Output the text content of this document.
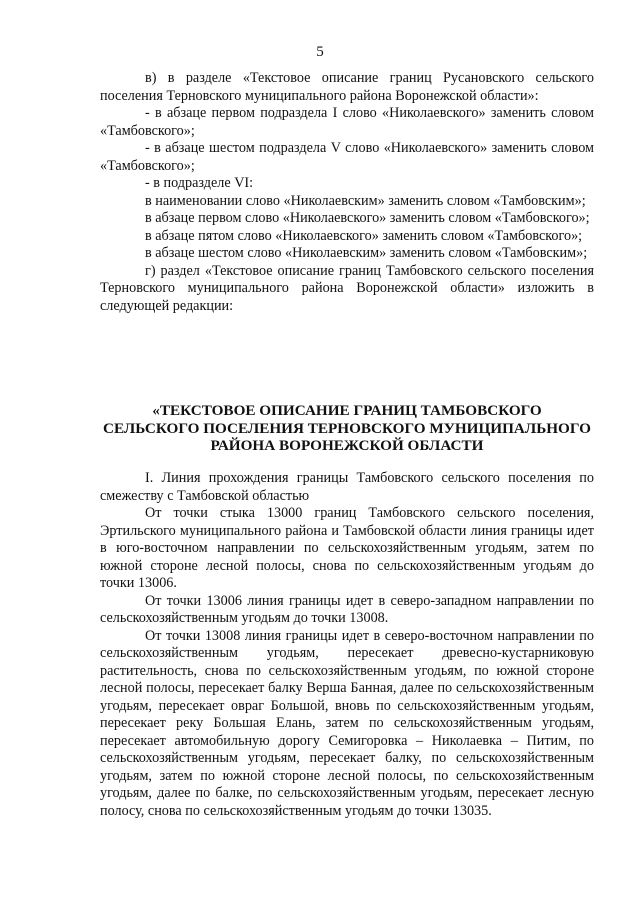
5

в) в разделе «Текстовое описание границ Русановского сельского поселения Терновского муниципального района Воронежской области»:

- в абзаце первом подраздела I слово «Николаевского» заменить словом «Тамбовского»;

- в абзаце шестом подраздела V слово «Николаевского» заменить словом «Тамбовского»;

- в подразделе VI:

в наименовании слово «Николаевским» заменить словом «Тамбовским»;

в абзаце первом слово «Николаевского» заменить словом «Тамбовского»;

в абзаце пятом слово «Николаевского» заменить словом «Тамбовского»;

в абзаце шестом слово «Николаевским» заменить словом «Тамбовским»;

г) раздел «Текстовое описание границ Тамбовского сельского поселения Терновского муниципального района Воронежской области» изложить в следующей редакции:

«ТЕКСТОВОЕ ОПИСАНИЕ ГРАНИЦ ТАМБОВСКОГО
СЕЛЬСКОГО ПОСЕЛЕНИЯ ТЕРНОВСКОГО МУНИЦИПАЛЬНОГО
РАЙОНА ВОРОНЕЖСКОЙ ОБЛАСТИ

I. Линия прохождения границы Тамбовского сельского поселения по смежеству с Тамбовской областью

От точки стыка 13000 границ Тамбовского сельского поселения, Эртильского муниципального района и Тамбовской области линия границы идет в юго-восточном направлении по сельскохозяйственным угодьям, затем по южной стороне лесной полосы, снова по сельскохозяйственным угодьям до точки 13006.

От точки 13006 линия границы идет в северо-западном направлении по сельскохозяйственным угодьям до точки 13008.

От точки 13008 линия границы идет в северо-восточном направлении по сельскохозяйственным угодьям, пересекает древесно-кустарниковую растительность, снова по сельскохозяйственным угодьям, по южной стороне лесной полосы, пересекает балку Верша Банная, далее по сельскохозяйственным угодьям, пересекает овраг Большой, вновь по сельскохозяйственным угодьям, пересекает реку Большая Елань, затем по сельскохозяйственным угодьям, пересекает автомобильную дорогу Семигоровка – Николаевка – Питим, по сельскохозяйственным угодьям, пересекает балку, по сельскохозяйственным угодьям, затем по южной стороне лесной полосы, по сельскохозяйственным угодьям, далее по балке, по сельскохозяйственным угодьям, пересекает лесную полосу, снова по сельскохозяйственным угодьям до точки 13035.
